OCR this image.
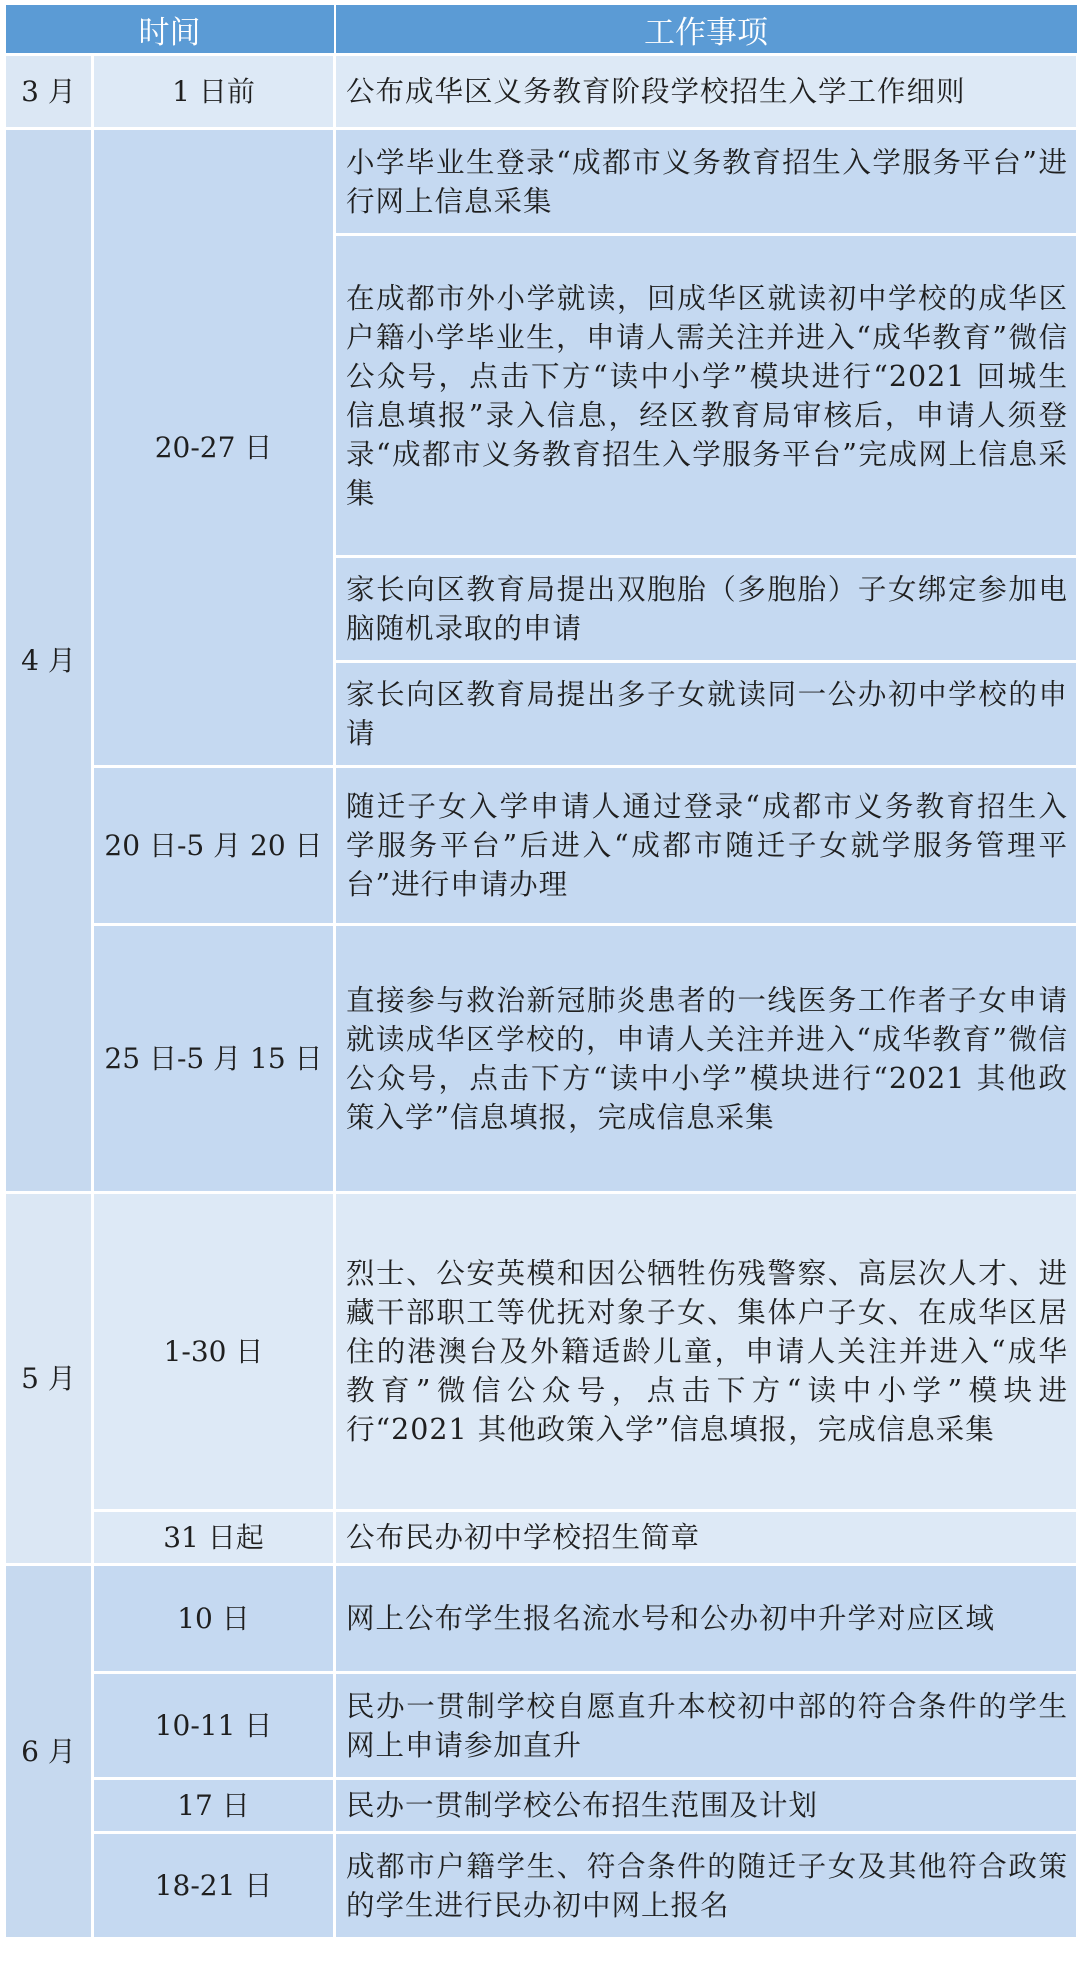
时间		工作事项
3 月	1 日前	公布成华区义务教育阶段学校招生入学工作细则
4 月	20-27 日	小学毕业生登录“成都市义务教育招生入学服务平台”进行网上信息采集
		在成都市外小学就读，回成华区就读初中学校的成华区户籍小学毕业生，申请人需关注并进入“成华教育”微信公众号，点击下方“读中小学”模块进行“2021 回城生信息填报”录入信息，经区教育局审核后，申请人须登录“成都市义务教育招生入学服务平台”完成网上信息采集
		家长向区教育局提出双胞胎（多胞胎）子女绑定参加电脑随机录取的申请
		家长向区教育局提出多子女就读同一公办初中学校的申请
	20 日-5 月 20 日	随迁子女入学申请人通过登录“成都市义务教育招生入学服务平台”后进入“成都市随迁子女就学服务管理平台”进行申请办理
	25 日-5 月 15 日	直接参与救治新冠肺炎患者的一线医务工作者子女申请就读成华区学校的，申请人关注并进入“成华教育”微信公众号，点击下方“读中小学”模块进行“2021 其他政策入学”信息填报，完成信息采集
5 月	1-30 日	烈士、公安英模和因公牺牲伤残警察、高层次人才、进藏干部职工等优抚对象子女、集体户子女、在成华区居住的港澳台及外籍适龄儿童，申请人关注并进入“成华教育”微信公众号，点击下方“读中小学”模块进行“2021 其他政策入学”信息填报，完成信息采集
	31 日起	公布民办初中学校招生简章
6 月	10 日	网上公布学生报名流水号和公办初中升学对应区域
	10-11 日	民办一贯制学校自愿直升本校初中部的符合条件的学生网上申请参加直升
	17 日	民办一贯制学校公布招生范围及计划
	18-21 日	成都市户籍学生、符合条件的随迁子女及其他符合政策的学生进行民办初中网上报名
